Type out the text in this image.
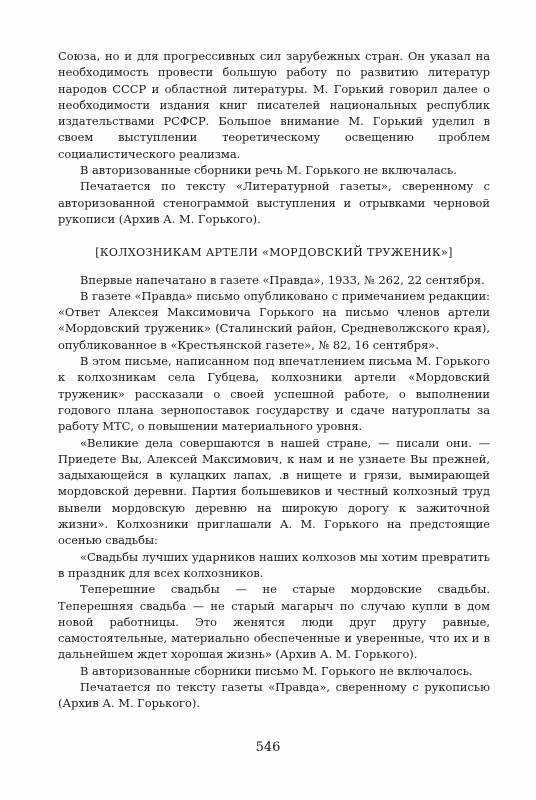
Союза, но и для прогрессивных сил зарубежных стран. Он указал на необходимость провести большую работу по развитию литератур народов СССР и областной литературы. М. Горький говорил далее о необходимости издания книг писателей национальных республик издательствами РСФСР. Большое внимание М. Горький уделил в своем выступлении теоретическому освещению проблем социалистического реализма.

В авторизованные сборники речь М. Горького не включалась.

Печатается по тексту «Литературной газеты», сверенному с авторизованной стенограммой выступления и отрывками черновой рукописи (Архив А. М. Горького).

[КОЛХОЗНИКАМ АРТЕЛИ «МОРДОВСКИЙ ТРУЖЕНИК»]

Впервые напечатано в газете «Правда», 1933, № 262, 22 сентября.

В газете «Правда» письмо опубликовано с примечанием редакции: «Ответ Алексея Максимовича Горького на письмо членов артели «Мордовский труженик» (Сталинский район, Средневолжского края), опубликованное в «Крестьянской газете», № 82, 16 сентября».

В этом письме, написанном под впечатлением письма М. Горького к колхозникам села Губцева, колхозники артели «Мордовский труженик» рассказали о своей успешной работе, о выполнении годового плана зернопоставок государству и сдаче натуроплаты за работу МТС, о повышении материального уровня.

«Великие дела совершаются в нашей стране, — писали они. — Приедете Вы, Алексей Максимович, к нам и не узнаете Вы прежней, задыхающейся в кулацких лапах, .в нищете и грязи, вымирающей мордовской деревни. Партия большевиков и честный колхозный труд вывели мордовскую деревню на широкую дорогу к зажиточной жизни». Колхозники приглашали А. М. Горького на предстоящие осенью свадьбы:

«Свадьбы лучших ударников наших колхозов мы хотим превратить в праздник для всех колхозников.

Теперешние свадьбы — не старые мордовские свадьбы. Теперешняя свадьба — не старый магарыч по случаю купли в дом новой работницы. Это женятся люди друг другу равные, самостоятельные, материально обеспеченные и уверенные, что их и в дальнейшем ждет хорошая жизнь» (Архив А. М. Горького).

В авторизованные сборники письмо М. Горького не включалось.

Печатается по тексту газеты «Правда», сверенному с рукописью (Архив А. М. Горького).

546
